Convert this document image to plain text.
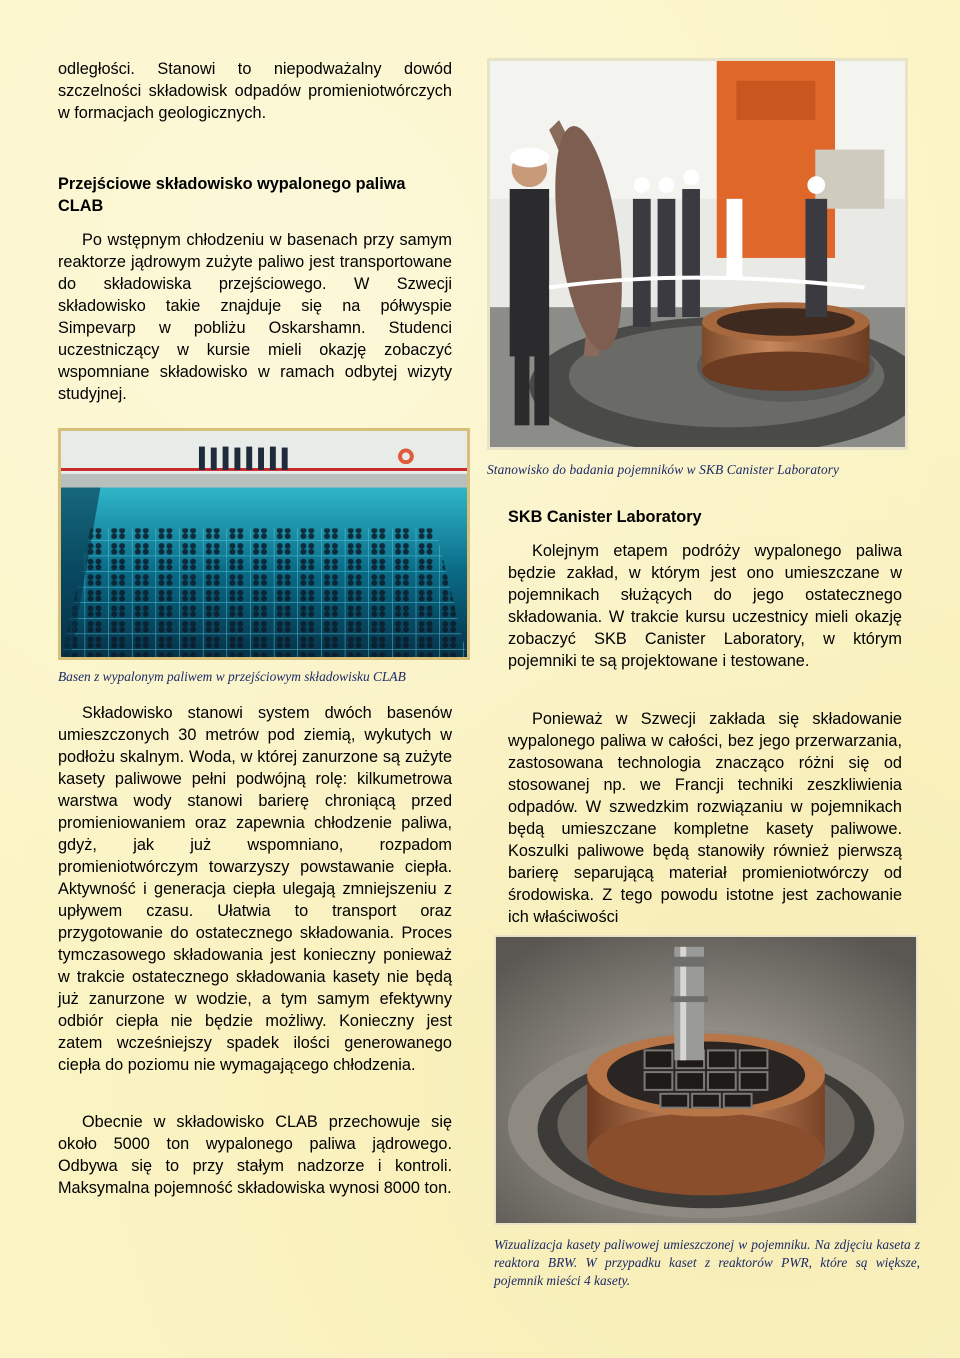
odległości. Stanowi to niepodważalny dowód szczelności składowisk odpadów promieniotwórczych w formacjach geologicznych.

Przejściowe składowisko wypalonego paliwa CLAB

Po wstępnym chłodzeniu w basenach przy samym reaktorze jądrowym zużyte paliwo jest transportowane do składowiska przejściowego. W Szwecji składowisko takie znajduje się na półwyspie Simpevarp w pobliżu Oskarshamn. Studenci uczestniczący w kursie mieli okazję zobaczyć wspomniane składowisko w ramach odbytej wizyty studyjnej.

Basen z wypalonym paliwem w przejściowym składowisku CLAB

Składowisko stanowi system dwóch basenów umieszczonych 30 metrów pod ziemią, wykutych w podłożu skalnym. Woda, w której zanurzone są zużyte kasety paliwowe pełni podwójną rolę: kilkumetrowa warstwa wody stanowi barierę chroniącą przed promieniowaniem oraz zapewnia chłodzenie paliwa, gdyż, jak już wspomniano, rozpadom promieniotwórczym towarzyszy powstawanie ciepła. Aktywność i generacja ciepła ulegają zmniejszeniu z upływem czasu. Ułatwia to transport oraz przygotowanie do ostatecznego składowania. Proces tymczasowego składowania jest konieczny ponieważ w trakcie ostatecznego składowania kasety nie będą już zanurzone w wodzie, a tym samym efektywny odbiór ciepła nie będzie możliwy. Konieczny jest zatem wcześniejszy spadek ilości generowanego ciepła do poziomu nie wymagającego chłodzenia.

Obecnie w składowisko CLAB przechowuje się około 5000 ton wypalonego paliwa jądrowego. Odbywa się to przy stałym nadzorze i kontroli. Maksymalna pojemność składowiska wynosi 8000 ton.

Stanowisko do badania pojemników w SKB Canister Laboratory

SKB Canister Laboratory

Kolejnym etapem podróży wypalonego paliwa będzie zakład, w którym jest ono umieszczane w pojemnikach służących do jego ostatecznego składowania. W trakcie kursu uczestnicy mieli okazję zobaczyć SKB Canister Laboratory, w którym pojemniki te są projektowane i testowane.

Ponieważ w Szwecji zakłada się składowanie wypalonego paliwa w całości, bez jego przerwarzania, zastosowana technologia znacząco różni się od stosowanej np. we Francji techniki zeszkliwienia odpadów. W szwedzkim rozwiązaniu w pojemnikach będą umieszczane kompletne kasety paliwowe. Koszulki paliwowe będą stanowiły również pierwszą barierę separującą materiał promieniotwórczy od środowiska. Z tego powodu istotne jest zachowanie ich właściwości

Wizualizacja kasety paliwowej umieszczonej w pojemniku. Na zdjęciu kaseta z reaktora BRW. W przypadku kaset z reaktorów PWR, które są większe, pojemnik mieści 4 kasety.
